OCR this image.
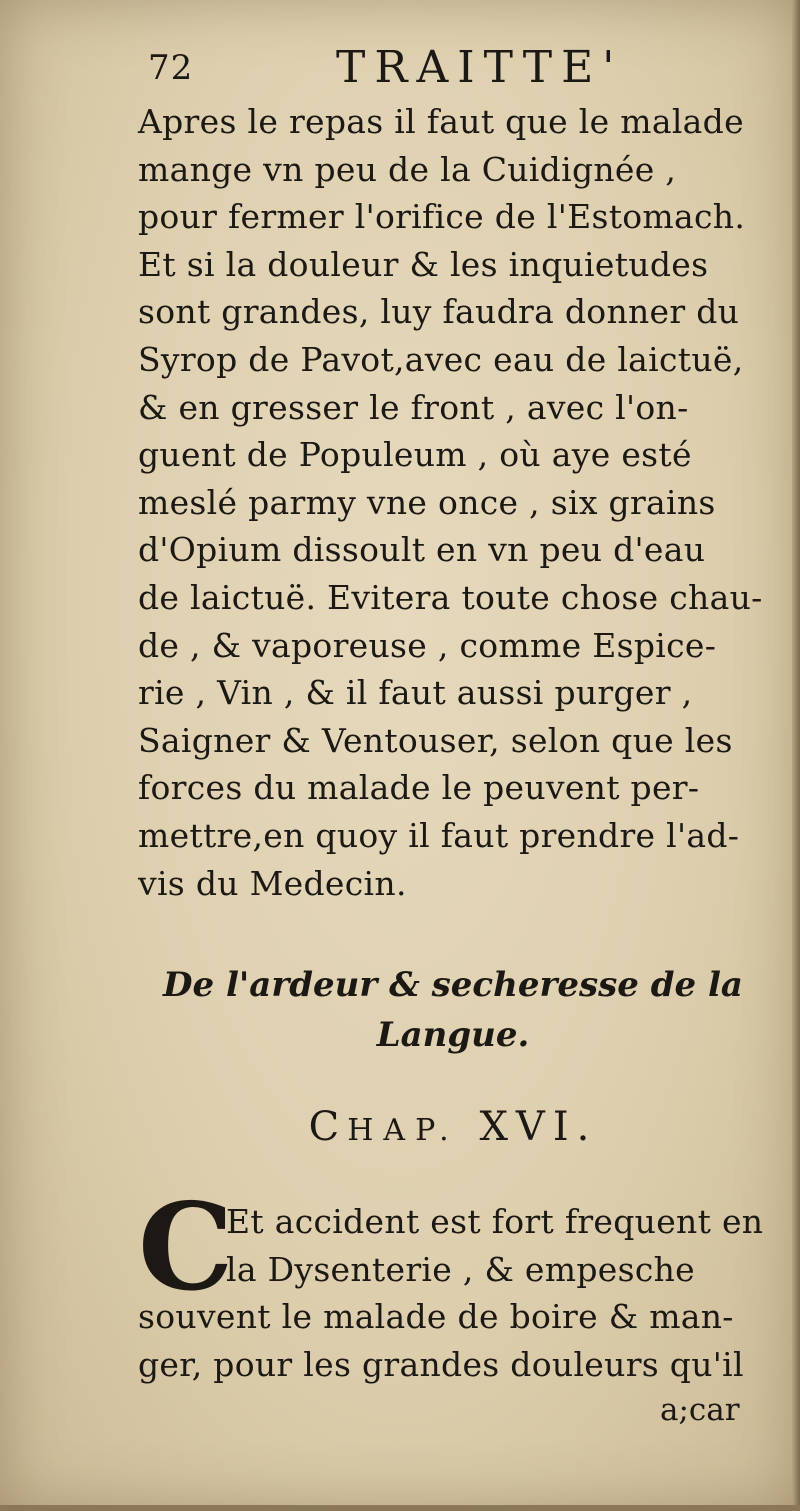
72	TRAITTE'
Apres le repas il faut que le malade
mange vn peu de la Cuidignée ,
pour fermer l'orifice de l'Estomach.
Et si la douleur & les inquietudes
sont grandes, luy faudra donner du
Syrop de Pavot,avec eau de laictuë,
& en gresser le front , avec l'on-
guent de Populeum , où aye esté
meslé parmy vne once , six grains
d'Opium dissoult en vn peu d'eau
de laictuë. Evitera toute chose chau-
de , & vaporeuse , comme Espice-
rie , Vin , & il faut aussi purger ,
Saigner & Ventouser, selon que les
forces du malade le peuvent per-
mettre,en quoy il faut prendre l'ad-
vis du Medecin.
De l'ardeur & secheresse de la
Langue.
CHAP. XVI.
C
Et accident est fort frequent en
la Dysenterie , & empesche
souvent le malade de boire & man-
ger, pour les grandes douleurs qu'il
a;car
